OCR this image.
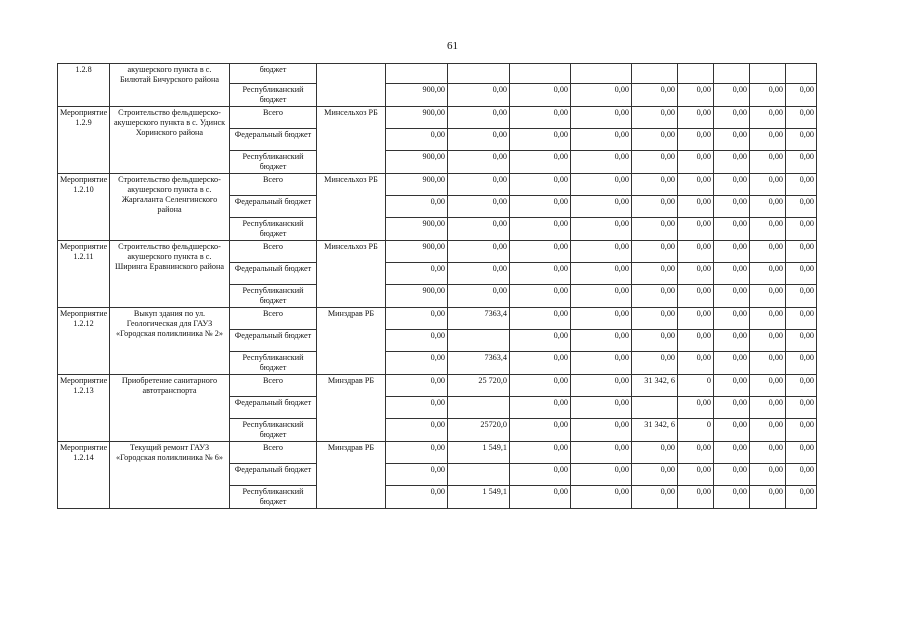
61
1.2.8	акушерского пункта в с. Билютай Бичурского района	бюджет										
		Республиканский бюджет		900,00	0,00	0,00	0,00	0,00	0,00	0,00	0,00	0,00
Мероприятие 1.2.9	Строительство фельдшерско-акушерского пункта в с. Удинск Хоринского района	Всего	Минсельхоз РБ	900,00	0,00	0,00	0,00	0,00	0,00	0,00	0,00	0,00
		Федеральный бюджет		0,00	0,00	0,00	0,00	0,00	0,00	0,00	0,00	0,00
		Республиканский бюджет		900,00	0,00	0,00	0,00	0,00	0,00	0,00	0,00	0,00
Мероприятие 1.2.10	Строительство фельдшерско-акушерского пункта в с. Жаргаланта Селенгинского района	Всего	Минсельхоз РБ	900,00	0,00	0,00	0,00	0,00	0,00	0,00	0,00	0,00
		Федеральный бюджет		0,00	0,00	0,00	0,00	0,00	0,00	0,00	0,00	0,00
		Республиканский бюджет		900,00	0,00	0,00	0,00	0,00	0,00	0,00	0,00	0,00
Мероприятие 1.2.11	Строительство фельдшерско-акушерского пункта в с. Ширинга Еравнинского района	Всего	Минсельхоз РБ	900,00	0,00	0,00	0,00	0,00	0,00	0,00	0,00	0,00
		Федеральный бюджет		0,00	0,00	0,00	0,00	0,00	0,00	0,00	0,00	0,00
		Республиканский бюджет		900,00	0,00	0,00	0,00	0,00	0,00	0,00	0,00	0,00
Мероприятие 1.2.12	Выкуп здания по ул. Геологическая для ГАУЗ «Городская поликлиника № 2»	Всего	Минздрав РБ	0,00	7363,4	0,00	0,00	0,00	0,00	0,00	0,00	0,00
		Федеральный бюджет		0,00		0,00	0,00	0,00	0,00	0,00	0,00	0,00
		Республиканский бюджет		0,00	7363,4	0,00	0,00	0,00	0,00	0,00	0,00	0,00
Мероприятие 1.2.13	Приобретение санитарного автотранспорта	Всего	Минздрав РБ	0,00	25 720,0	0,00	0,00	31 342, 6	0	0,00	0,00	0,00
		Федеральный бюджет		0,00		0,00	0,00		0,00	0,00	0,00	0,00
		Республиканский бюджет		0,00	25720,0	0,00	0,00	31 342, 6	0	0,00	0,00	0,00
Мероприятие 1.2.14	Текущий ремонт ГАУЗ «Городская поликлиника № 6»	Всего	Минздрав РБ	0,00	1 549,1	0,00	0,00	0,00	0,00	0,00	0,00	0,00
		Федеральный бюджет		0,00		0,00	0,00	0,00	0,00	0,00	0,00	0,00
		Республиканский бюджет		0,00	1 549,1	0,00	0,00	0,00	0,00	0,00	0,00	0,00
